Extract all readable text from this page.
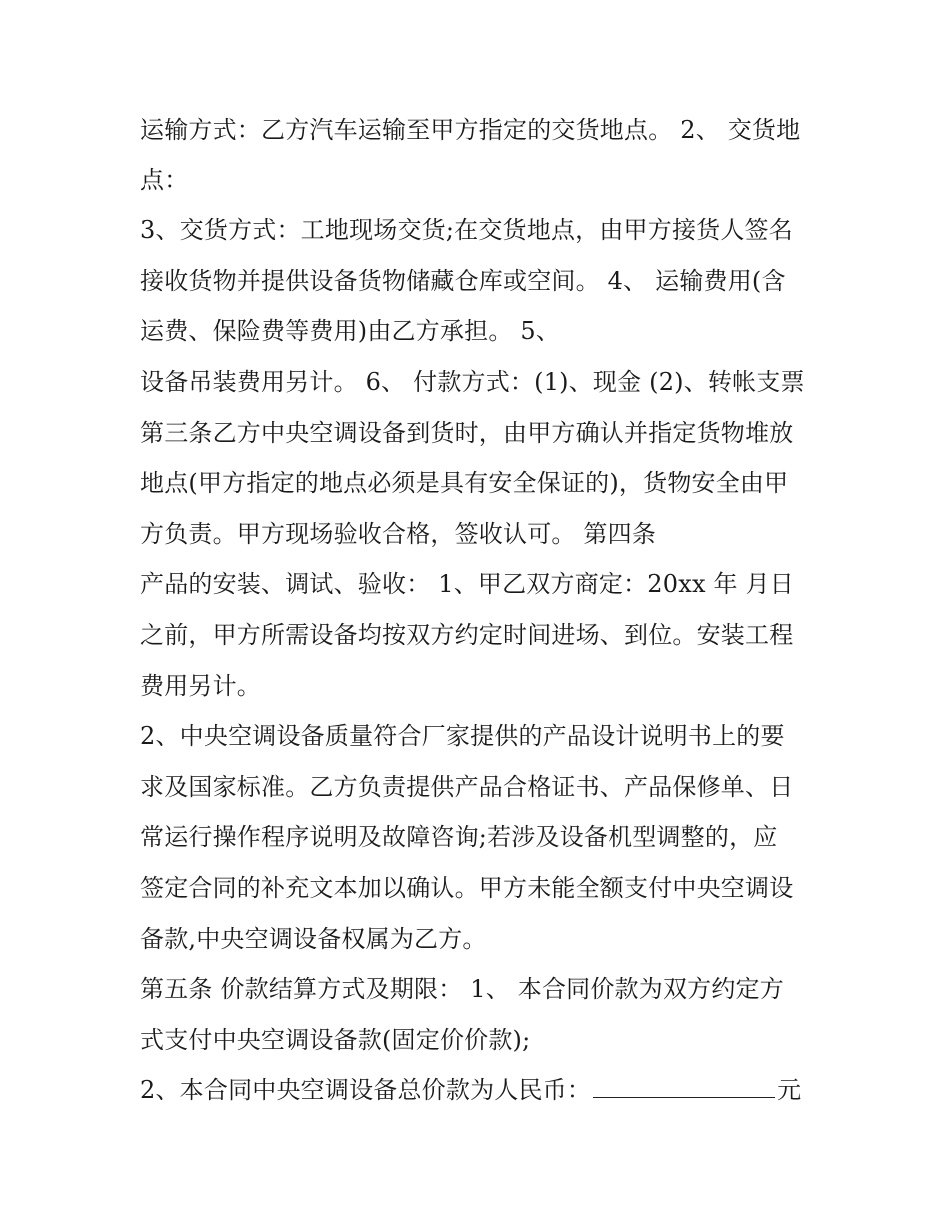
运输方式：乙方汽车运输至甲方指定的交货地点。 2、 交货地
点：
3、交货方式：工地现场交货;在交货地点，由甲方接货人签名
接收货物并提供设备货物储藏仓库或空间。 4、 运输费用(含
运费、保险费等费用)由乙方承担。 5、
设备吊装费用另计。 6、 付款方式：(1)、现金 (2)、转帐支票
第三条乙方中央空调设备到货时，由甲方确认并指定货物堆放
地点(甲方指定的地点必须是具有安全保证的)，货物安全由甲
方负责。甲方现场验收合格，签收认可。 第四条
产品的安装、调试、验收： 1、甲乙双方商定：20xx 年 月日
之前，甲方所需设备均按双方约定时间进场、到位。安装工程
费用另计。
2、中央空调设备质量符合厂家提供的产品设计说明书上的要
求及国家标准。乙方负责提供产品合格证书、产品保修单、日
常运行操作程序说明及故障咨询;若涉及设备机型调整的，应
签定合同的补充文本加以确认。甲方未能全额支付中央空调设
备款,中央空调设备权属为乙方。
第五条 价款结算方式及期限： 1、 本合同价款为双方约定方
式支付中央空调设备款(固定价价款);
2、本合同中央空调设备总价款为人民币：	元
